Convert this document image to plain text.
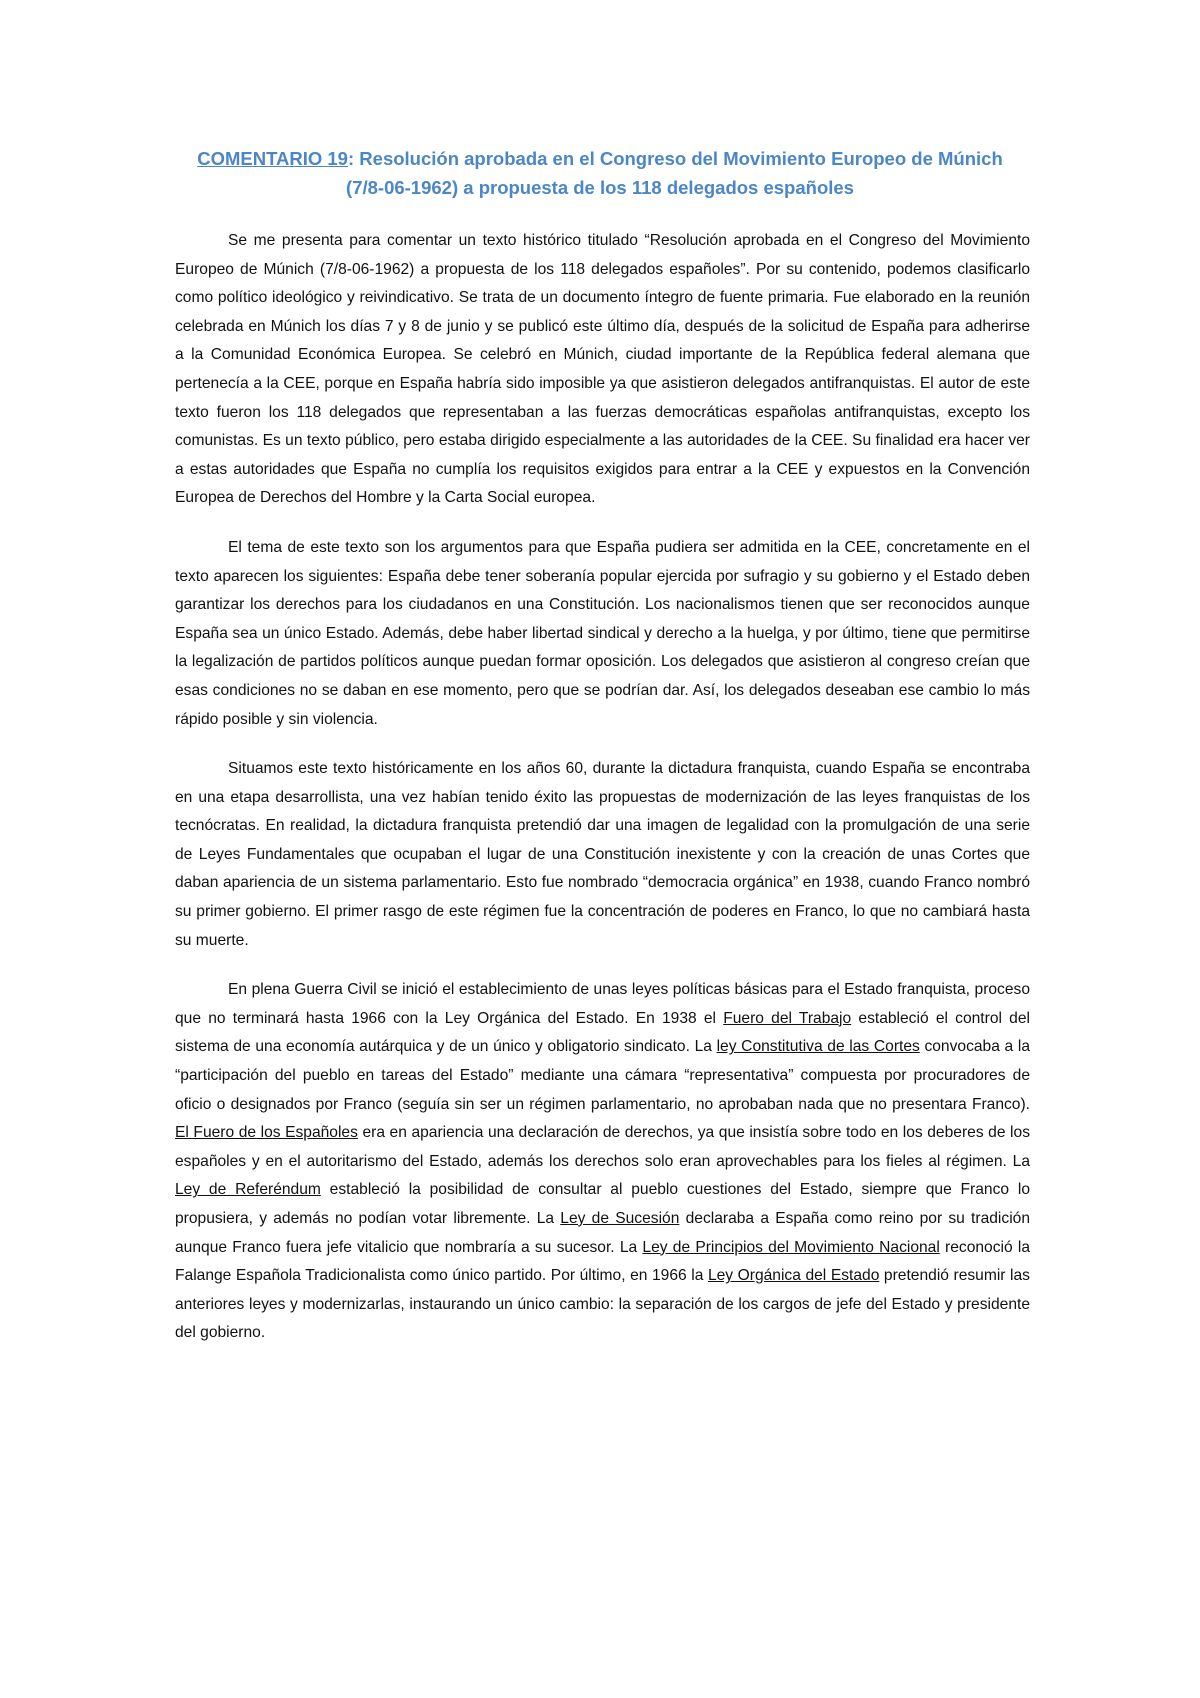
COMENTARIO 19: Resolución aprobada en el Congreso del Movimiento Europeo de Múnich
(7/8-06-1962) a propuesta de los 118 delegados españoles

Se me presenta para comentar un texto histórico titulado “Resolución aprobada en el Congreso del Movimiento Europeo de Múnich (7/8-06-1962) a propuesta de los 118 delegados españoles”. Por su contenido, podemos clasificarlo como político ideológico y reivindicativo. Se trata de un documento íntegro de fuente primaria. Fue elaborado en la reunión celebrada en Múnich los días 7 y 8 de junio y se publicó este último día, después de la solicitud de España para adherirse a la Comunidad Económica Europea. Se celebró en Múnich, ciudad importante de la República federal alemana que pertenecía a la CEE, porque en España habría sido imposible ya que asistieron delegados antifranquistas. El autor de este texto fueron los 118 delegados que representaban a las fuerzas democráticas españolas antifranquistas, excepto los comunistas. Es un texto público, pero estaba dirigido especialmente a las autoridades de la CEE. Su finalidad era hacer ver a estas autoridades que España no cumplía los requisitos exigidos para entrar a la CEE y expuestos en la Convención Europea de Derechos del Hombre y la Carta Social europea.

El tema de este texto son los argumentos para que España pudiera ser admitida en la CEE, concretamente en el texto aparecen los siguientes: España debe tener soberanía popular ejercida por sufragio y su gobierno y el Estado deben garantizar los derechos para los ciudadanos en una Constitución. Los nacionalismos tienen que ser reconocidos aunque España sea un único Estado. Además, debe haber libertad sindical y derecho a la huelga, y por último, tiene que permitirse la legalización de partidos políticos aunque puedan formar oposición. Los delegados que asistieron al congreso creían que esas condiciones no se daban en ese momento, pero que se podrían dar. Así, los delegados deseaban ese cambio lo más rápido posible y sin violencia.

Situamos este texto históricamente en los años 60, durante la dictadura franquista, cuando España se encontraba en una etapa desarrollista, una vez habían tenido éxito las propuestas de modernización de las leyes franquistas de los tecnócratas. En realidad, la dictadura franquista pretendió dar una imagen de legalidad con la promulgación de una serie de Leyes Fundamentales que ocupaban el lugar de una Constitución inexistente y con la creación de unas Cortes que daban apariencia de un sistema parlamentario. Esto fue nombrado “democracia orgánica” en 1938, cuando Franco nombró su primer gobierno. El primer rasgo de este régimen fue la concentración de poderes en Franco, lo que no cambiará hasta su muerte.

En plena Guerra Civil se inició el establecimiento de unas leyes políticas básicas para el Estado franquista, proceso que no terminará hasta 1966 con la Ley Orgánica del Estado. En 1938 el Fuero del Trabajo estableció el control del sistema de una economía autárquica y de un único y obligatorio sindicato. La ley Constitutiva de las Cortes convocaba a la “participación del pueblo en tareas del Estado” mediante una cámara “representativa” compuesta por procuradores de oficio o designados por Franco (seguía sin ser un régimen parlamentario, no aprobaban nada que no presentara Franco). El Fuero de los Españoles era en apariencia una declaración de derechos, ya que insistía sobre todo en los deberes de los españoles y en el autoritarismo del Estado, además los derechos solo eran aprovechables para los fieles al régimen. La Ley de Referéndum estableció la posibilidad de consultar al pueblo cuestiones del Estado, siempre que Franco lo propusiera, y además no podían votar libremente. La Ley de Sucesión declaraba a España como reino por su tradición aunque Franco fuera jefe vitalicio que nombraría a su sucesor. La Ley de Principios del Movimiento Nacional reconoció la Falange Española Tradicionalista como único partido. Por último, en 1966 la Ley Orgánica del Estado pretendió resumir las anteriores leyes y modernizarlas, instaurando un único cambio: la separación de los cargos de jefe del Estado y presidente del gobierno.
